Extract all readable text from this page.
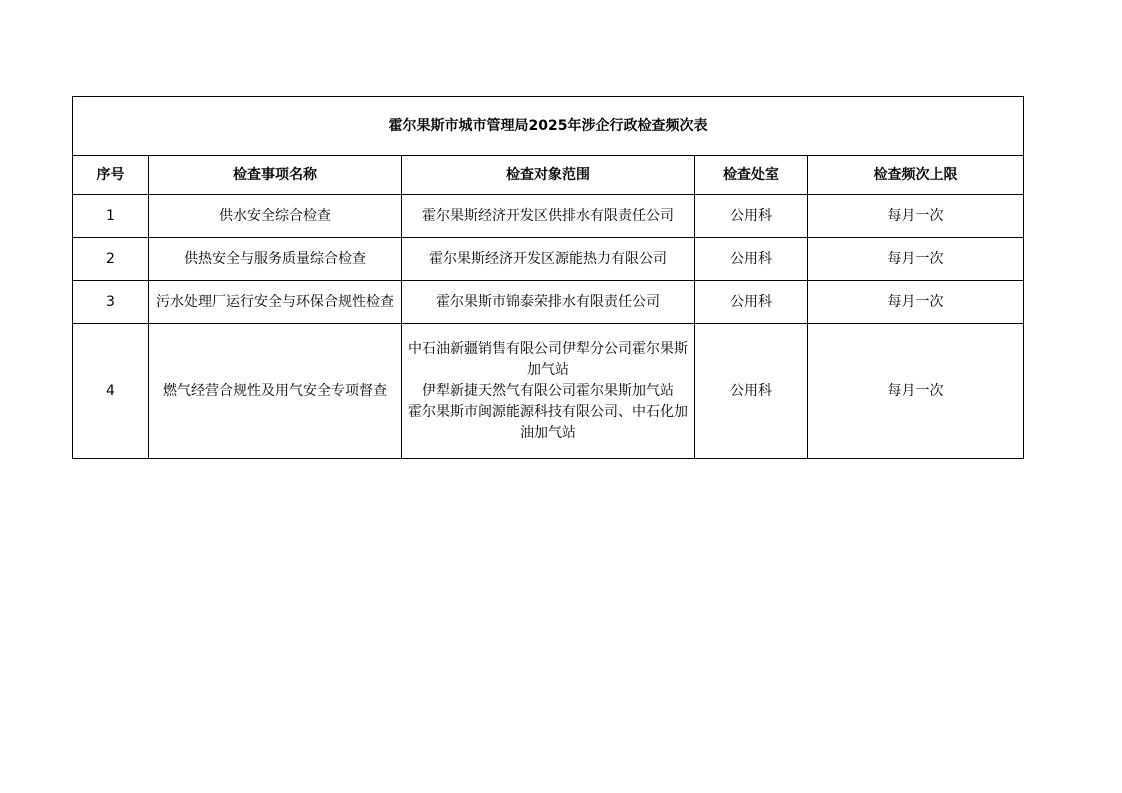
霍尔果斯市城市管理局2025年涉企行政检查频次表				
序号	检查事项名称	检查对象范围	检查处室	检查频次上限
1	供水安全综合检查	霍尔果斯经济开发区供排水有限责任公司	公用科	每月一次
2	供热安全与服务质量综合检查	霍尔果斯经济开发区源能热力有限公司	公用科	每月一次
3	污水处理厂运行安全与环保合规性检查	霍尔果斯市锦泰荣排水有限责任公司	公用科	每月一次
4	燃气经营合规性及用气安全专项督查	中石油新疆销售有限公司伊犁分公司霍尔果斯加气站
伊犁新捷天然气有限公司霍尔果斯加气站
霍尔果斯市闽源能源科技有限公司、中石化加油加气站	公用科	每月一次
